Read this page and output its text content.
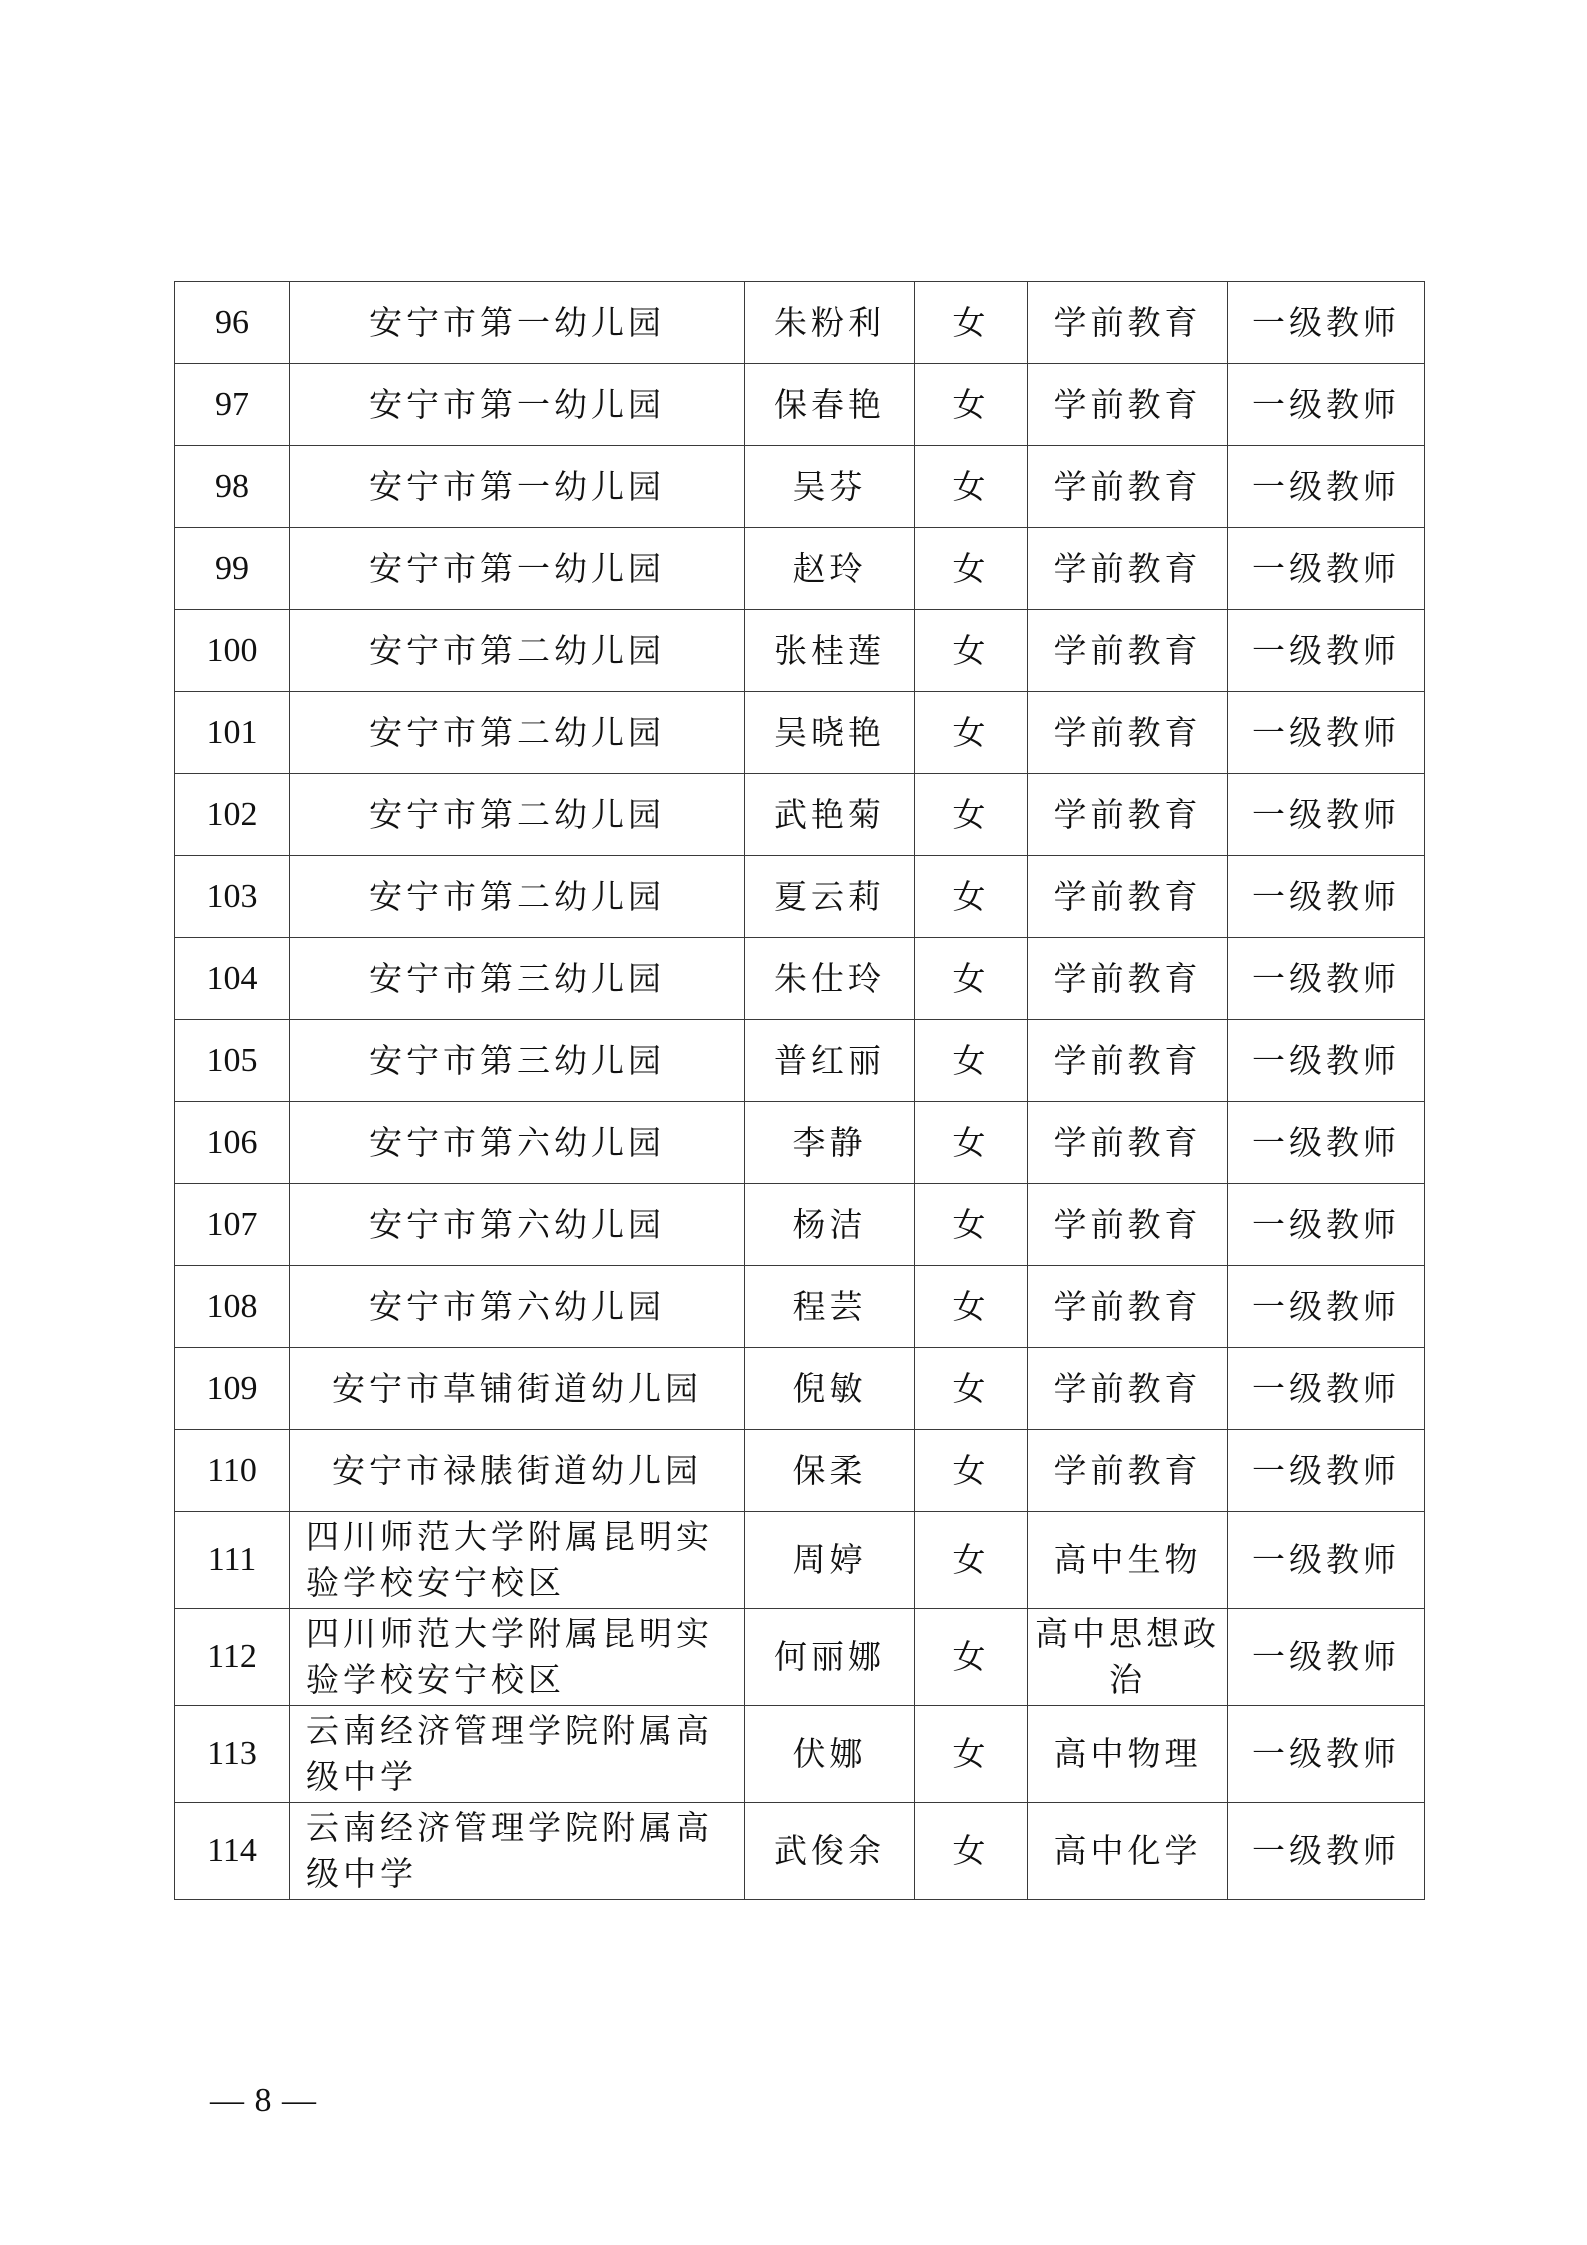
96	安宁市第一幼儿园	朱粉利	女	学前教育	一级教师
97	安宁市第一幼儿园	保春艳	女	学前教育	一级教师
98	安宁市第一幼儿园	吴芬	女	学前教育	一级教师
99	安宁市第一幼儿园	赵玲	女	学前教育	一级教师
100	安宁市第二幼儿园	张桂莲	女	学前教育	一级教师
101	安宁市第二幼儿园	吴晓艳	女	学前教育	一级教师
102	安宁市第二幼儿园	武艳菊	女	学前教育	一级教师
103	安宁市第二幼儿园	夏云莉	女	学前教育	一级教师
104	安宁市第三幼儿园	朱仕玲	女	学前教育	一级教师
105	安宁市第三幼儿园	普红丽	女	学前教育	一级教师
106	安宁市第六幼儿园	李静	女	学前教育	一级教师
107	安宁市第六幼儿园	杨洁	女	学前教育	一级教师
108	安宁市第六幼儿园	程芸	女	学前教育	一级教师
109	安宁市草铺街道幼儿园	倪敏	女	学前教育	一级教师
110	安宁市禄脿街道幼儿园	保柔	女	学前教育	一级教师
111	四川师范大学附属昆明实验学校安宁校区	周婷	女	高中生物	一级教师
112	四川师范大学附属昆明实验学校安宁校区	何丽娜	女	高中思想政治	一级教师
113	云南经济管理学院附属高级中学	伏娜	女	高中物理	一级教师
114	云南经济管理学院附属高级中学	武俊余	女	高中化学	一级教师
— 8 —
